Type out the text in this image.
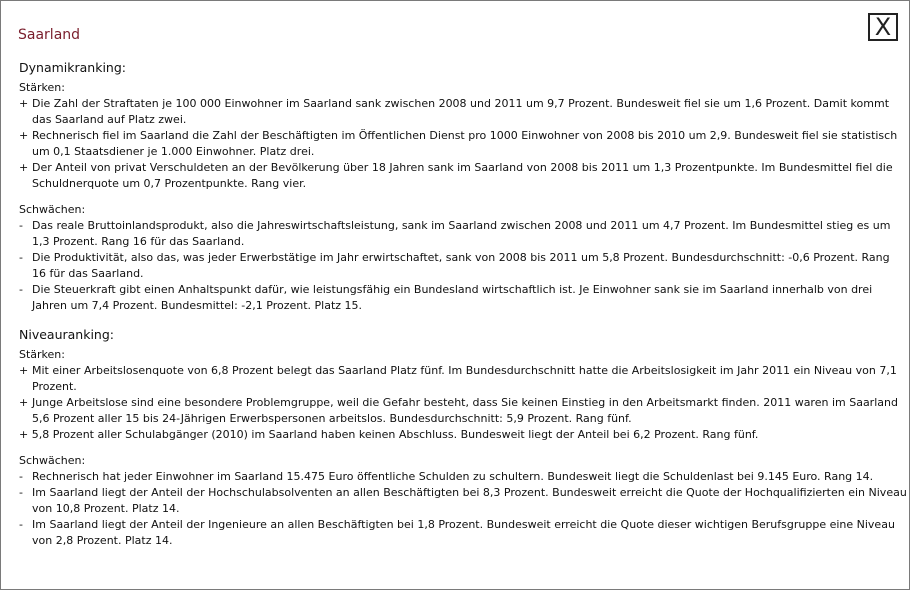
Saarland	X
Dynamikranking:
Stärken:
+ Die Zahl der Straftaten je 100 000 Einwohner im Saarland sank zwischen 2008 und 2011 um 9,7 Prozent. Bundesweit fiel sie um 1,6 Prozent. Damit kommt das Saarland auf Platz zwei.
+ Rechnerisch fiel im Saarland die Zahl der Beschäftigten im Öffentlichen Dienst pro 1000 Einwohner von 2008 bis 2010 um 2,9. Bundesweit fiel sie statistisch um 0,1 Staatsdiener je 1.000 Einwohner. Platz drei.
+ Der Anteil von privat Verschuldeten an der Bevölkerung über 18 Jahren sank im Saarland von 2008 bis 2011 um 1,3 Prozentpunkte. Im Bundesmittel fiel die Schuldnerquote um 0,7 Prozentpunkte. Rang vier.
Schwächen:
- Das reale Bruttoinlandsprodukt, also die Jahreswirtschaftsleistung, sank im Saarland zwischen 2008 und 2011 um 4,7 Prozent. Im Bundesmittel stieg es um 1,3 Prozent. Rang 16 für das Saarland.
- Die Produktivität, also das, was jeder Erwerbstätige im Jahr erwirtschaftet, sank von 2008 bis 2011 um 5,8 Prozent. Bundesdurchschnitt: -0,6 Prozent. Rang 16 für das Saarland.
- Die Steuerkraft gibt einen Anhaltspunkt dafür, wie leistungsfähig ein Bundesland wirtschaftlich ist. Je Einwohner sank sie im Saarland innerhalb von drei Jahren um 7,4 Prozent. Bundesmittel: -2,1 Prozent. Platz 15.
Niveauranking:
Stärken:
+ Mit einer Arbeitslosenquote von 6,8 Prozent belegt das Saarland Platz fünf. Im Bundesdurchschnitt hatte die Arbeitslosigkeit im Jahr 2011 ein Niveau von 7,1 Prozent.
+ Junge Arbeitslose sind eine besondere Problemgruppe, weil die Gefahr besteht, dass Sie keinen Einstieg in den Arbeitsmarkt finden. 2011 waren im Saarland 5,6 Prozent aller 15 bis 24-Jährigen Erwerbspersonen arbeitslos. Bundesdurchschnitt: 5,9 Prozent. Rang fünf.
+ 5,8 Prozent aller Schulabgänger (2010) im Saarland haben keinen Abschluss. Bundesweit liegt der Anteil bei 6,2 Prozent. Rang fünf.
Schwächen:
- Rechnerisch hat jeder Einwohner im Saarland 15.475 Euro öffentliche Schulden zu schultern. Bundesweit liegt die Schuldenlast bei 9.145 Euro. Rang 14.
- Im Saarland liegt der Anteil der Hochschulabsolventen an allen Beschäftigten bei 8,3 Prozent. Bundesweit erreicht die Quote der Hochqualifizierten ein Niveau von 10,8 Prozent. Platz 14.
- Im Saarland liegt der Anteil der Ingenieure an allen Beschäftigten bei 1,8 Prozent. Bundesweit erreicht die Quote dieser wichtigen Berufsgruppe eine Niveau von 2,8 Prozent. Platz 14.
